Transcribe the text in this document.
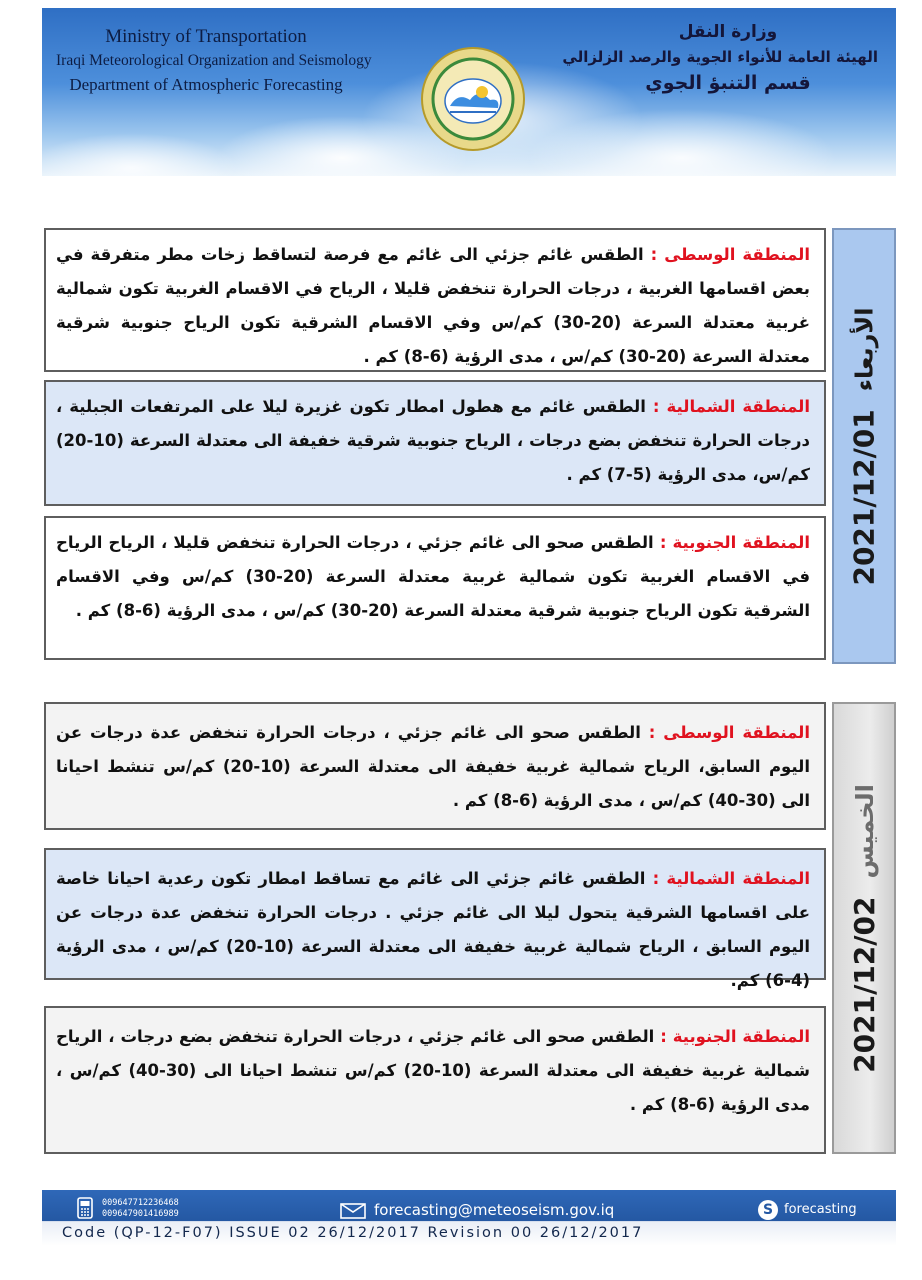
Ministry of Transportation
Iraqi Meteorological Organization and Seismology
Department of Atmospheric Forecasting
وزارة النقل
الهيئة العامة للأنواء الجوية والرصد الزلزالي
قسم التنبؤ الجوي
الأربعاء
2021/12/01
المنطقة الوسطى : الطقس غائم جزئي الى غائم مع فرصة لتساقط زخات مطر متفرقة في بعض اقسامها الغربية ، درجات الحرارة تنخفض قليلا ، الرياح في الاقسام الغربية تكون شمالية غربية معتدلة السرعة (20-30) كم/س وفي الاقسام الشرقية تكون الرياح جنوبية شرقية معتدلة السرعة (20-30) كم/س ، مدى الرؤية (6-8) كم .
المنطقة الشمالية : الطقس غائم مع هطول امطار تكون غزيرة ليلا على المرتفعات الجبلية ، درجات الحرارة تنخفض بضع درجات ، الرياح جنوبية شرقية خفيفة الى معتدلة السرعة (10-20) كم/س، مدى الرؤية (5-7) كم .
المنطقة الجنوبية : الطقس صحو الى غائم جزئي ، درجات الحرارة تنخفض قليلا ، الرياح الرياح في الاقسام الغربية تكون شمالية غربية معتدلة السرعة (20-30) كم/س وفي الاقسام الشرقية تكون الرياح جنوبية شرقية معتدلة السرعة (20-30) كم/س ، مدى الرؤية (6-8) كم .
الخميس
2021/12/02
المنطقة الوسطى : الطقس صحو الى غائم جزئي ، درجات الحرارة تنخفض عدة درجات عن اليوم السابق، الرياح شمالية غربية خفيفة الى معتدلة السرعة (10-20) كم/س تنشط احيانا الى (30-40) كم/س ، مدى الرؤية (6-8) كم .
المنطقة الشمالية : الطقس غائم جزئي الى غائم مع تساقط امطار تكون رعدية احيانا خاصة على اقسامها الشرقية يتحول ليلا الى غائم جزئي . درجات الحرارة تنخفض عدة درجات عن اليوم السابق ، الرياح شمالية غربية خفيفة الى معتدلة السرعة (10-20) كم/س ، مدى الرؤية (4-6) كم.
المنطقة الجنوبية : الطقس صحو الى غائم جزئي ، درجات الحرارة تنخفض بضع درجات ، الرياح شمالية غربية خفيفة الى معتدلة السرعة (10-20) كم/س تنشط احيانا الى (30-40) كم/س ، مدى الرؤية (6-8) كم .
009647712236468
009647901416989	forecasting@meteoseism.gov.iq	S forecasting
Code (QP-12-F07) ISSUE 02 26/12/2017 Revision 00 26/12/2017
